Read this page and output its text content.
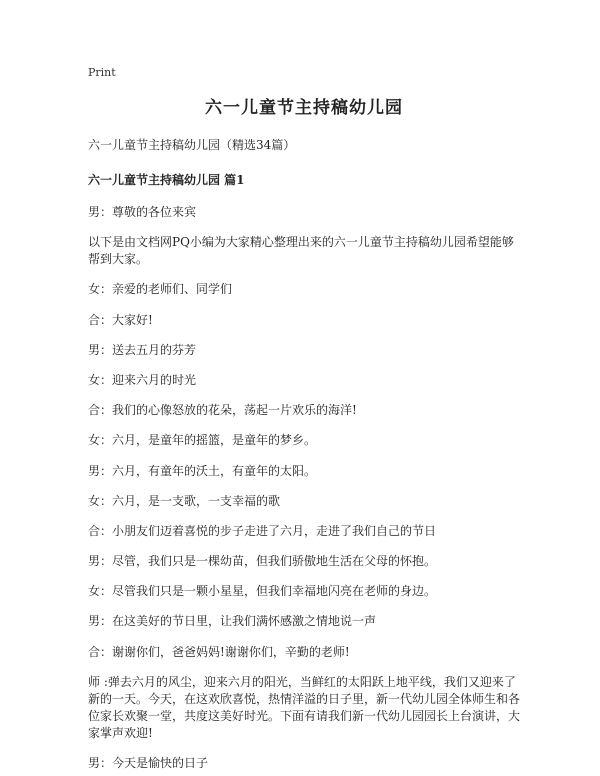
Print
六一儿童节主持稿幼儿园
六一儿童节主持稿幼儿园（精选34篇）
六一儿童节主持稿幼儿园 篇1

男：尊敬的各位来宾

以下是由文档网PQ小编为大家精心整理出来的六一儿童节主持稿幼儿园希望能够帮到大家。

女：亲爱的老师们、同学们

合：大家好!

男：送去五月的芬芳

女：迎来六月的时光

合：我们的心像怒放的花朵，荡起一片欢乐的海洋!

女：六月，是童年的摇篮，是童年的梦乡。

男：六月，有童年的沃土，有童年的太阳。

女：六月，是一支歌，一支幸福的歌

合：小朋友们迈着喜悦的步子走进了六月，走进了我们自己的节日

男：尽管，我们只是一棵幼苗，但我们骄傲地生活在父母的怀抱。

女：尽管我们只是一颗小星星，但我们幸福地闪亮在老师的身边。

男：在这美好的节日里，让我们满怀感激之情地说一声

合：谢谢你们，爸爸妈妈!谢谢你们，辛勤的老师!

师 :弹去六月的风尘，迎来六月的阳光，当鲜红的太阳跃上地平线，我们又迎来了新的一天。今天，在这欢欣喜悦，热情洋溢的日子里，新一代幼儿园全体师生和各位家长欢聚一堂，共度这美好时光。下面有请我们新一代幼儿园园长上台演讲，大家掌声欢迎!

男：今天是愉快的日子
